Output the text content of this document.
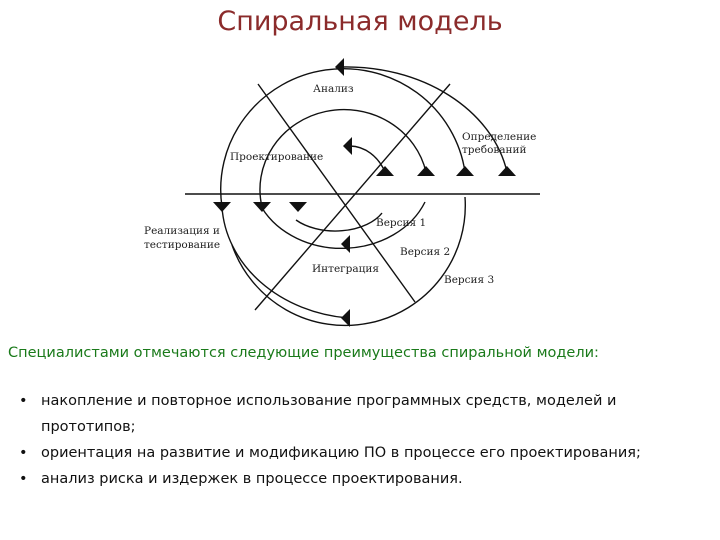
Спиральная модель
Анализ
Определение
требований
Проектирование
Реализация и
тестирование
Интеграция
Версия 1
Версия 2
Версия 3
Специалистами отмечаются следующие преимущества спиральной модели:
• накопление и повторное использование программных средств, моделей и прототипов;
• ориентация на развитие и модификацию ПО в процессе его проектирования;
• анализ риска и издержек в процессе проектирования.
